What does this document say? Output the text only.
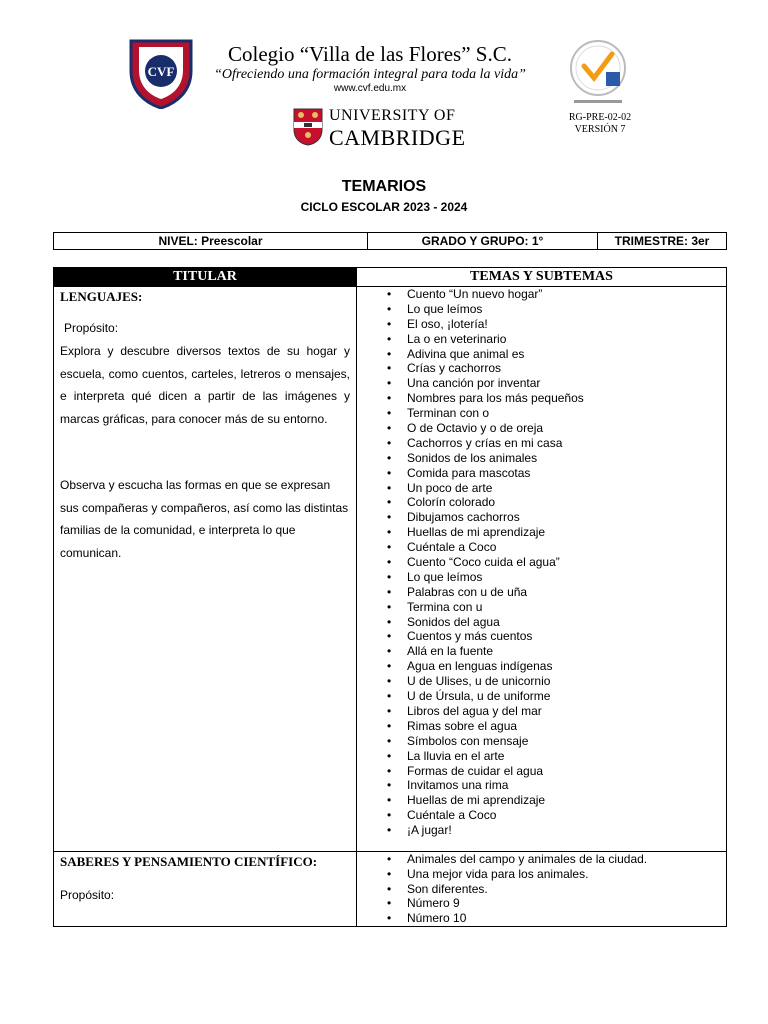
CVF
Colegio “Villa de las Flores” S.C.
“Ofreciendo una formación integral para toda la vida”
www.cvf.edu.mx
UNIVERSITY OF
CAMBRIDGE
RG-PRE-02-02
VERSIÓN 7
TEMARIOS
CICLO ESCOLAR 2023 - 2024
NIVEL: Preescolar	GRADO Y GRUPO: 1°	TRIMESTRE: 3er
TITULAR	TEMAS Y SUBTEMAS
LENGUAJES:
Propósito:
Explora y descubre diversos textos de su hogar y escuela, como cuentos, carteles, letreros o mensajes, e interpreta qué dicen a partir de las imágenes y marcas gráficas, para conocer más de su entorno.
Observa y escucha las formas en que se expresan sus compañeras y compañeros, así como las distintas familias de la comunidad, e interpreta lo que comunican.
• Cuento “Un nuevo hogar”
• Lo que leímos
• El oso, ¡lotería!
• La o en veterinario
• Adivina que animal es
• Crías y cachorros
• Una canción por inventar
• Nombres para los más pequeños
• Terminan con o
• O de Octavio y o de oreja
• Cachorros y crías en mi casa
• Sonidos de los animales
• Comida para mascotas
• Un poco de arte
• Colorín colorado
• Dibujamos cachorros
• Huellas de mi aprendizaje
• Cuéntale a Coco
• Cuento “Coco cuida el agua”
• Lo que leímos
• Palabras con u de uña
• Termina con u
• Sonidos del agua
• Cuentos y más cuentos
• Allá en la fuente
• Agua en lenguas indígenas
• U de Ulises, u de unicornio
• U de Úrsula, u de uniforme
• Libros del agua y del mar
• Rimas sobre el agua
• Símbolos con mensaje
• La lluvia en el arte
• Formas de cuidar el agua
• Invitamos una rima
• Huellas de mi aprendizaje
• Cuéntale a Coco
• ¡A jugar!
SABERES Y PENSAMIENTO CIENTÍFICO:
Propósito:
• Animales del campo y animales de la ciudad.
• Una mejor vida para los animales.
• Son diferentes.
• Número 9
• Número 10
